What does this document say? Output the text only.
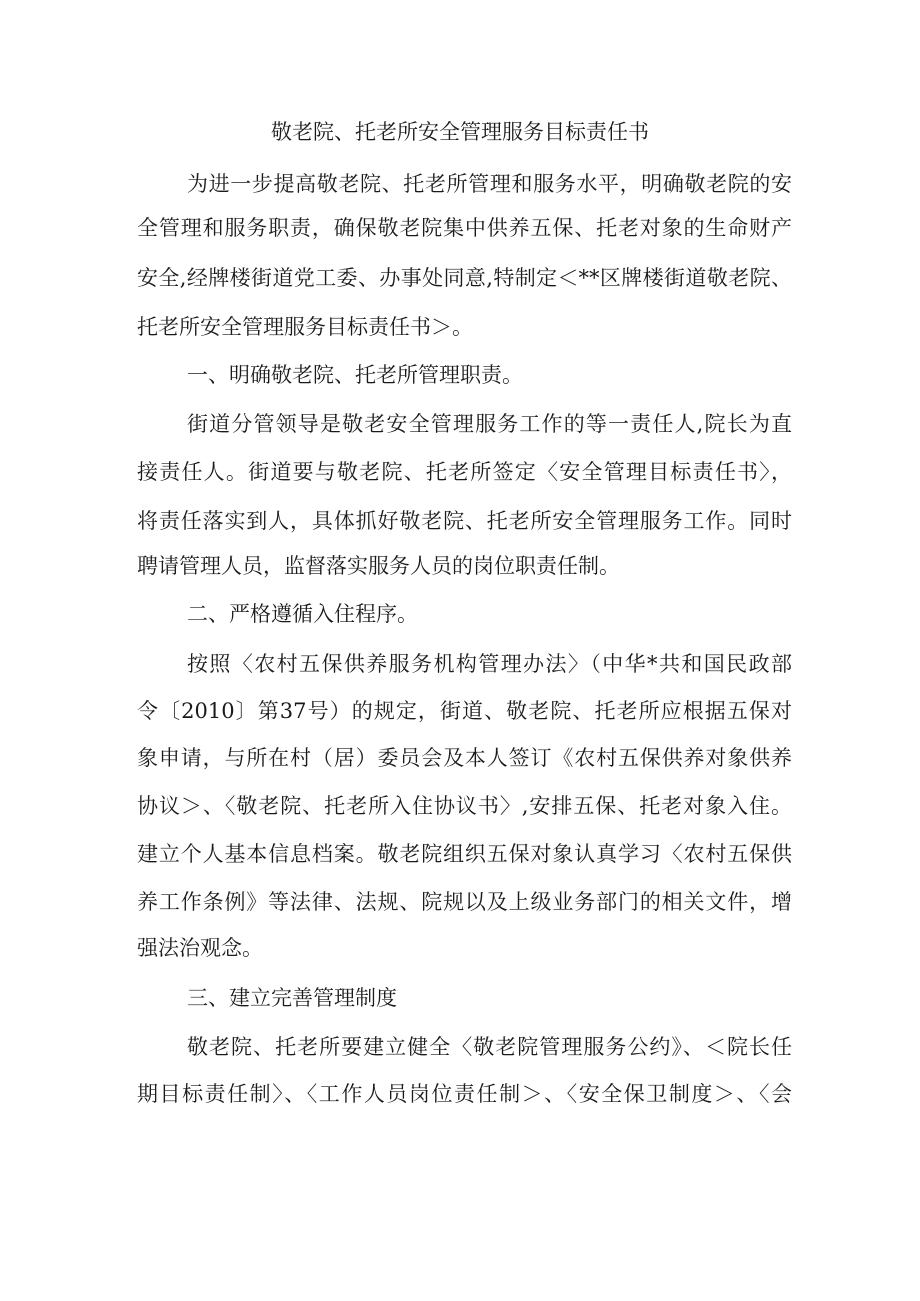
敬老院、托老所安全管理服务目标责任书
为进一步提高敬老院、托老所管理和服务水平，明确敬老院的安
全管理和服务职责，确保敬老院集中供养五保、托老对象的生命财产
安全,经牌楼街道党工委、办事处同意,特制定＜**区牌楼街道敬老院、
托老所安全管理服务目标责任书＞。
一、明确敬老院、托老所管理职责。
街道分管领导是敬老安全管理服务工作的等一责任人,院长为直
接责任人。街道要与敬老院、托老所签定〈安全管理目标责任书〉，
将责任落实到人，具体抓好敬老院、托老所安全管理服务工作。同时
聘请管理人员，监督落实服务人员的岗位职责任制。
二、严格遵循入住程序。
按照〈农村五保供养服务机构管理办法〉（中华*共和国民政部
令〔2010〕第37号）的规定，街道、敬老院、托老所应根据五保对
象申请，与所在村（居）委员会及本人签订《农村五保供养对象供养
协议＞、〈敬老院、托老所入住协议书〉,安排五保、托老对象入住。
建立个人基本信息档案。敬老院组织五保对象认真学习〈农村五保供
养工作条例》等法律、法规、院规以及上级业务部门的相关文件，增
强法治观念。
三、建立完善管理制度
敬老院、托老所要建立健全〈敬老院管理服务公约》、＜院长任
期目标责任制〉、〈工作人员岗位责任制＞、〈安全保卫制度＞、〈会
